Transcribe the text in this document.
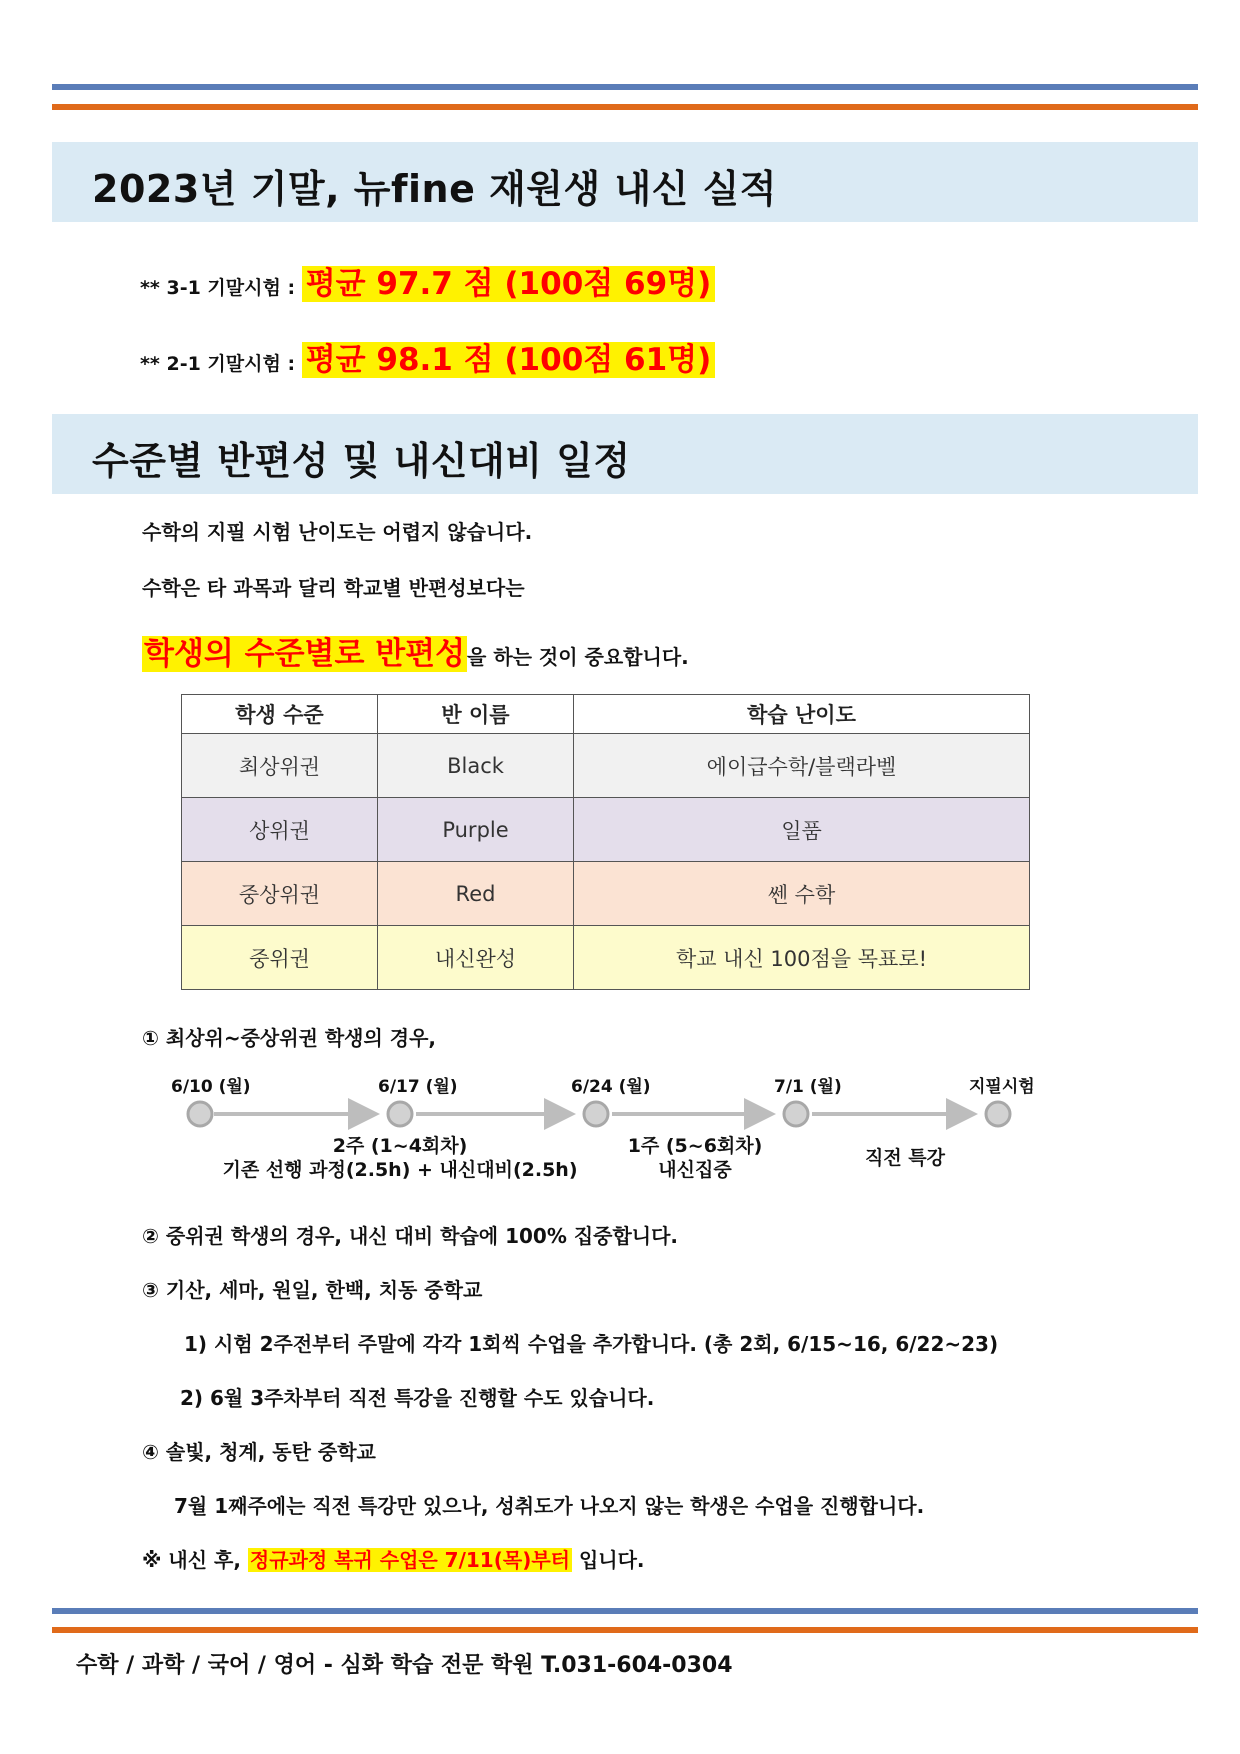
2023년 기말, 뉴fine 재원생 내신 실적
** 3-1 기말시험 : 평균 97.7 점 (100점 69명)
** 2-1 기말시험 : 평균 98.1 점 (100점 61명)
수준별 반편성 및 내신대비 일정
수학의 지필 시험 난이도는 어렵지 않습니다.
수학은 타 과목과 달리 학교별 반편성보다는
학생의 수준별로 반편성 을 하는 것이 중요합니다.
학생 수준	반 이름	학습 난이도
최상위권	Black	에이급수학/블랙라벨
상위권	Purple	일품
중상위권	Red	쎈 수학
중위권	내신완성	학교 내신 100점을 목표로!
① 최상위~중상위권 학생의 경우,
6/10 (월)	6/17 (월)	6/24 (월)	7/1 (월)	지필시험
2주 (1~4회차)
기존 선행 과정(2.5h) + 내신대비(2.5h)
1주 (5~6회차)
내신집중
직전 특강
② 중위권 학생의 경우, 내신 대비 학습에 100% 집중합니다.
③ 기산, 세마, 원일, 한백, 치동 중학교
1) 시험 2주전부터 주말에 각각 1회씩 수업을 추가합니다. (총 2회, 6/15~16, 6/22~23)
2) 6월 3주차부터 직전 특강을 진행할 수도 있습니다.
④ 솔빛, 청계, 동탄 중학교
7월 1째주에는 직전 특강만 있으나, 성취도가 나오지 않는 학생은 수업을 진행합니다.
※ 내신 후, 정규과정 복귀 수업은 7/11(목)부터 입니다.
수학 / 과학 / 국어 / 영어 - 심화 학습 전문 학원 T.031-604-0304
